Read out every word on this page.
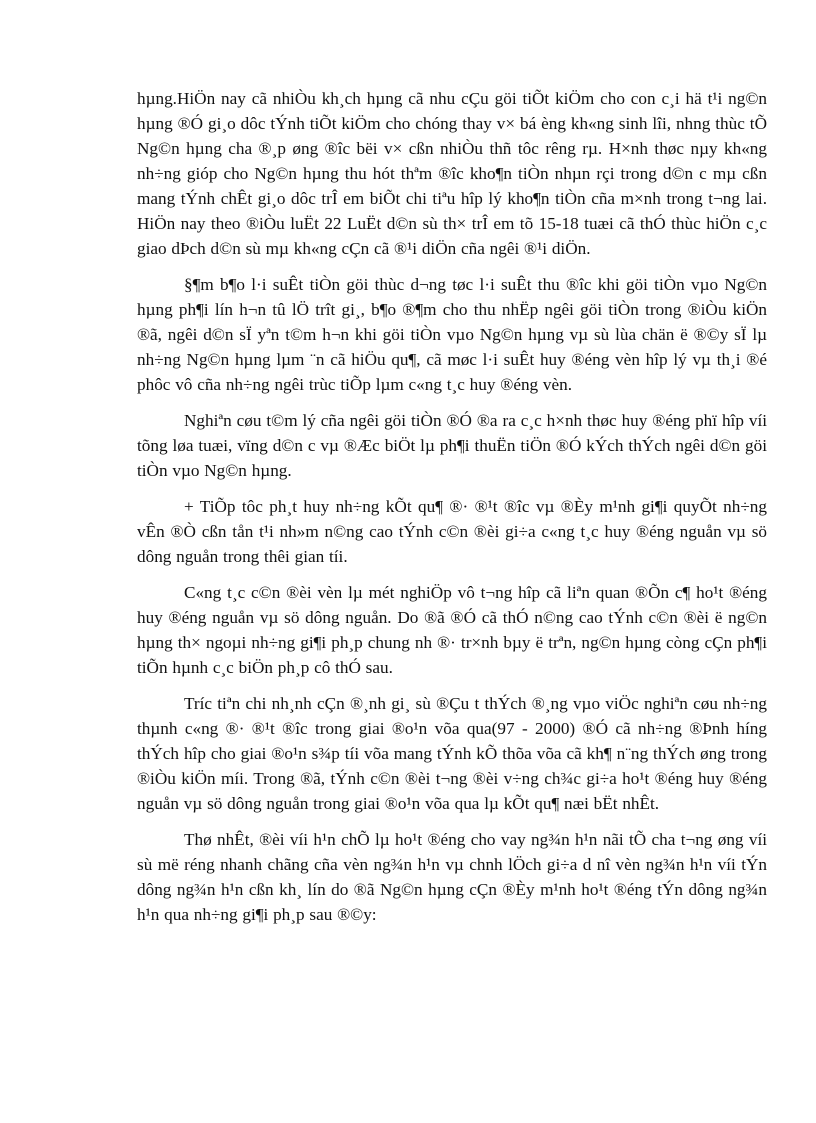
hµng.HiÖn nay cã nhiÒu kh¸ch hµng cã nhu cÇu göi tiÕt kiÖm cho con c¸i hä t¹i ng©n hµng ®Ó gi¸o dôc tÝnh tiÕt kiÖm cho chóng thay v× bá èng kh«ng sinh lîi, nhng thùc tÕ Ng©n hµng cha ®¸p øng ®îc bëi v× cßn nhiÒu thñ tôc rêng rµ. H×nh thøc nµy kh«ng nh÷ng gióp cho Ng©n hµng thu hót thªm ®îc kho¶n tiÒn nhµn rçi trong d©n c mµ cßn mang tÝnh chÊt gi¸o dôc trÎ em biÕt chi tiªu hîp lý kho¶n tiÒn cña m×nh trong t¬ng lai. HiÖn nay theo ®iÒu luËt 22 LuËt d©n sù th× trÎ em tõ 15-18 tuæi cã thÓ thùc hiÖn c¸c giao dÞch d©n sù mµ kh«ng cÇn cã ®¹i diÖn cña ngêi ®¹i diÖn.

§¶m b¶o l·i suÊt tiÒn göi thùc d¬ng tøc l·i suÊt thu ®îc khi göi tiÒn vµo Ng©n hµng ph¶i lín h¬n tû lÖ trît gi¸, b¶o ®¶m cho thu nhËp ngêi göi tiÒn trong ®iÒu kiÖn ®ã, ngêi d©n sÏ yªn t©m h¬n khi göi tiÒn vµo Ng©n hµng vµ sù lùa chän ë ®©y sÏ lµ nh÷ng Ng©n hµng lµm ¨n cã hiÖu qu¶, cã møc l·i suÊt huy ®éng vèn hîp lý vµ th¸i ®é phôc vô cña nh÷ng ngêi trùc tiÕp lµm c«ng t¸c huy ®éng vèn.

Nghiªn cøu t©m lý cña ngêi göi tiÒn ®Ó ®a ra c¸c h×nh thøc huy ®éng phï hîp víi tõng løa tuæi, vïng d©n c vµ ®Æc biÖt lµ ph¶i thuËn tiÖn ®Ó kÝch thÝch ngêi d©n göi tiÒn vµo Ng©n hµng.

+ TiÕp tôc ph¸t huy nh÷ng kÕt qu¶ ®· ®¹t ®îc vµ ®Èy m¹nh gi¶i quyÕt nh÷ng vÊn ®Ò cßn tån t¹i nh»m n©ng cao tÝnh c©n ®èi gi÷a c«ng t¸c huy ®éng nguån vµ sö dông nguån trong thêi gian tíi.

C«ng t¸c c©n ®èi vèn lµ mét nghiÖp vô t¬ng hîp cã liªn quan ®Õn c¶ ho¹t ®éng huy ®éng nguån vµ sö dông nguån. Do ®ã ®Ó cã thÓ n©ng cao tÝnh c©n ®èi ë ng©n hµng th× ngoµi nh÷ng gi¶i ph¸p chung nh ®· tr×nh bµy ë trªn, ng©n hµng còng cÇn ph¶i tiÕn hµnh c¸c biÖn ph¸p cô thÓ sau.

Tríc tiªn chi nh¸nh cÇn ®¸nh gi¸ sù ®Çu t thÝch ®¸ng vµo viÖc nghiªn cøu nh÷ng thµnh c«ng ®· ®¹t ®îc trong giai ®o¹n võa qua(97 - 2000) ®Ó cã nh÷ng ®Þnh híng thÝch hîp cho giai ®o¹n s¾p tíi võa mang tÝnh kÕ thõa võa cã kh¶ n¨ng thÝch øng trong ®iÒu kiÖn míi. Trong ®ã, tÝnh c©n ®èi t¬ng ®èi v÷ng ch¾c gi÷a ho¹t ®éng huy ®éng nguån vµ sö dông nguån trong giai ®o¹n võa qua lµ kÕt qu¶ næi bËt nhÊt.

Thø nhÊt, ®èi víi h¹n chÕ lµ ho¹t ®éng cho vay ng¾n h¹n nãi tÕ cha t¬ng øng víi sù më réng nhanh chãng cña vèn ng¾n h¹n vµ chnh lÖch gi÷a d nî vèn ng¾n h¹n víi tÝn dông ng¾n h¹n cßn kh¸ lín do ®ã Ng©n hµng cÇn ®Èy m¹nh ho¹t ®éng tÝn dông ng¾n h¹n qua nh÷ng gi¶i ph¸p sau ®©y:
